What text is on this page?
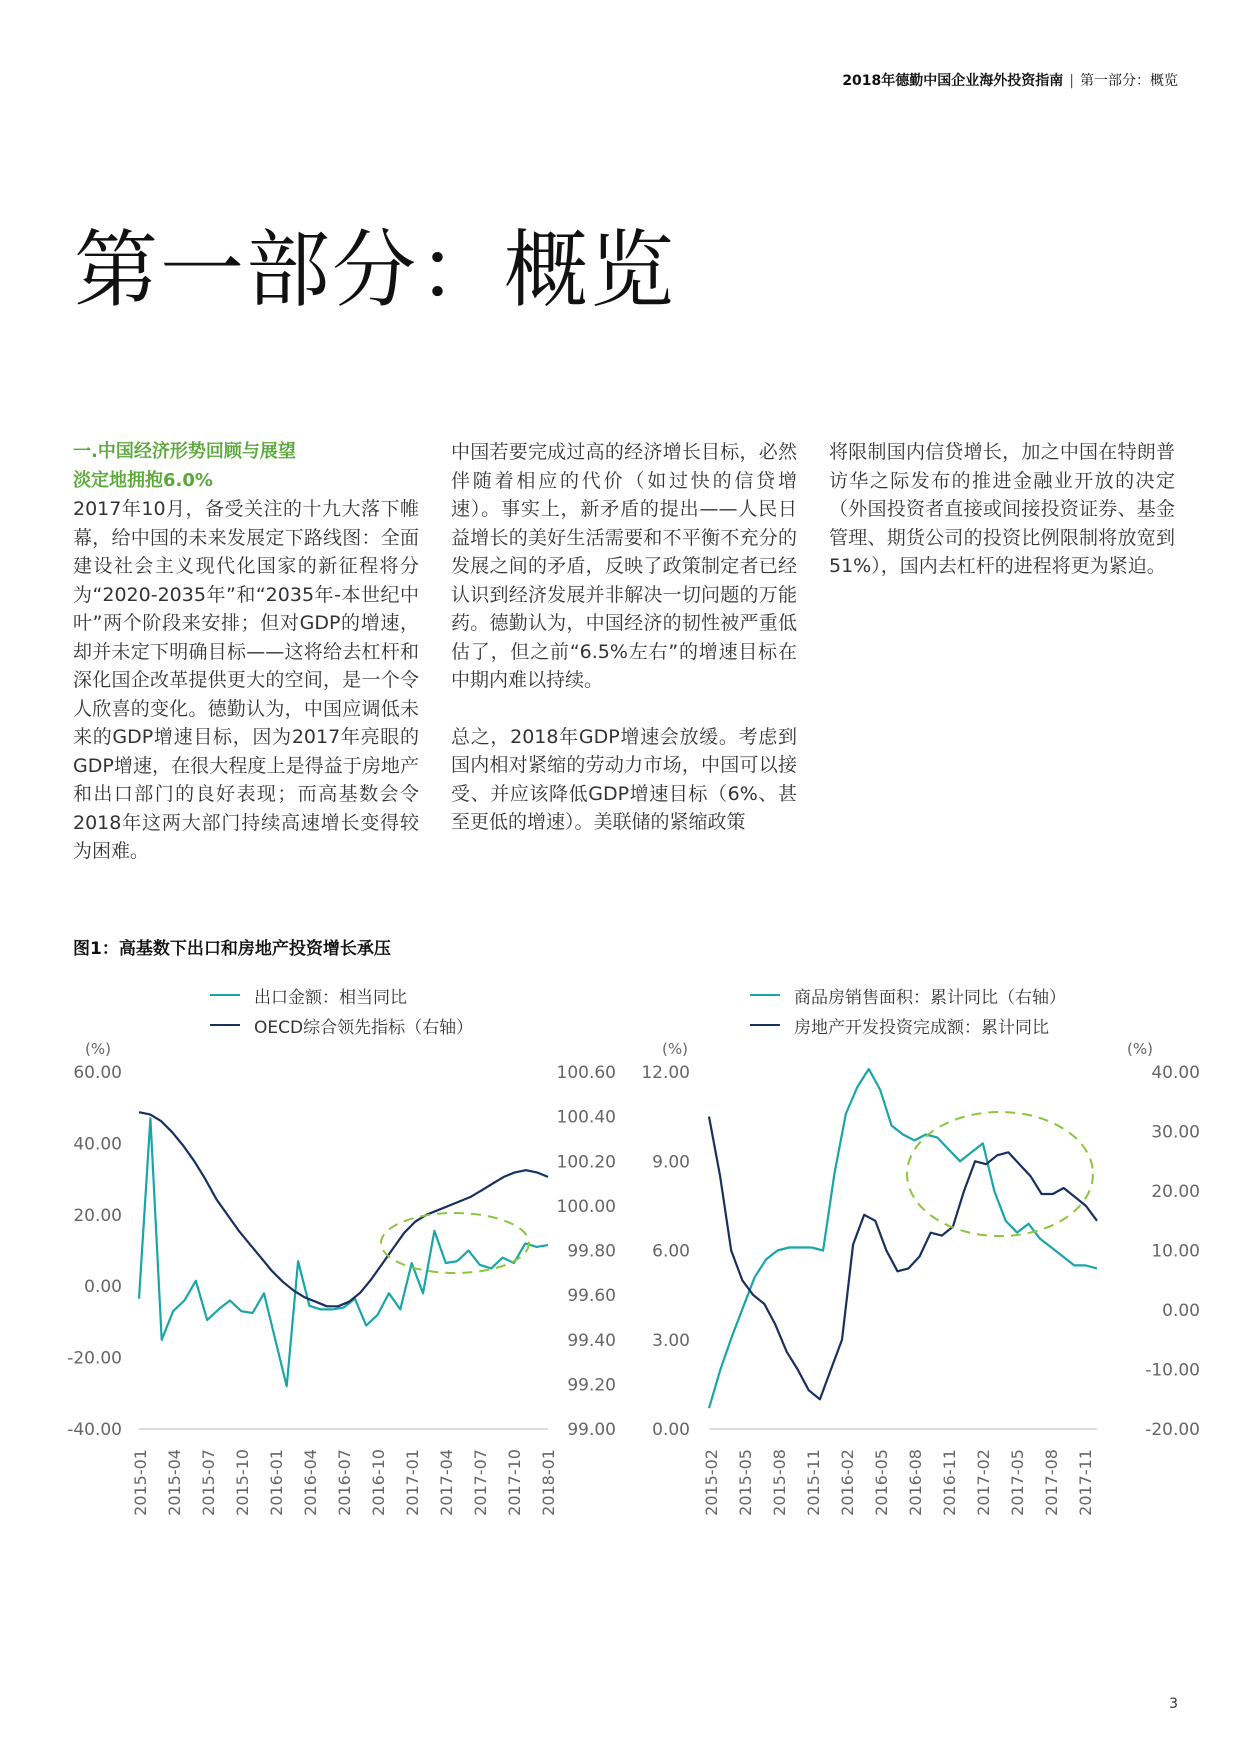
2018年德勤中国企业海外投资指南 | 第一部分：概览
第一部分：概览
一.中国经济形势回顾与展望
淡定地拥抱6.0%

2017年10月，备受关注的十九大落下帷幕，给中国的未来发展定下路线图：全面建设社会主义现代化国家的新征程将分为“2020-2035年”和“2035年-本世纪中叶”两个阶段来安排；但对GDP的增速，却并未定下明确目标——这将给去杠杆和深化国企改革提供更大的空间，是一个令人欣喜的变化。德勤认为，中国应调低未来的GDP增速目标，因为2017年亮眼的GDP增速，在很大程度上是得益于房地产和出口部门的良好表现；而高基数会令2018年这两大部门持续高速增长变得较为困难。

中国若要完成过高的经济增长目标，必然伴随着相应的代价（如过快的信贷增速）。事实上，新矛盾的提出——人民日益增长的美好生活需要和不平衡不充分的发展之间的矛盾，反映了政策制定者已经认识到经济发展并非解决一切问题的万能药。德勤认为，中国经济的韧性被严重低估了，但之前“6.5%左右”的增速目标在中期内难以持续。

总之，2018年GDP增速会放缓。考虑到国内相对紧缩的劳动力市场，中国可以接受、并应该降低GDP增速目标（6%、甚至更低的增速）。美联储的紧缩政策

将限制国内信贷增长，加之中国在特朗普访华之际发布的推进金融业开放的决定（外国投资者直接或间接投资证券、基金管理、期货公司的投资比例限制将放宽到51%），国内去杠杆的进程将更为紧迫。

图1：高基数下出口和房地产投资增长承压
出口金额：相当同比
OECD综合领先指标（右轴）
(%)
60.00
40.00
20.00
0.00
-20.00
-40.00
100.60
100.40
100.20
100.00
99.80
99.60
99.40
99.20
99.00
2015-01 2015-04 2015-07 2015-10 2016-01 2016-04 2016-07 2016-10 2017-01 2017-04 2017-07 2017-10 2018-01
商品房销售面积：累计同比（右轴）
房地产开发投资完成额：累计同比
(%)	(%)
12.00
9.00
6.00
3.00
0.00
40.00
30.00
20.00
10.00
0.00
-10.00
-20.00
2015-02 2015-05 2015-08 2015-11 2016-02 2016-05 2016-08 2016-11 2017-02 2017-05 2017-08 2017-11
3
